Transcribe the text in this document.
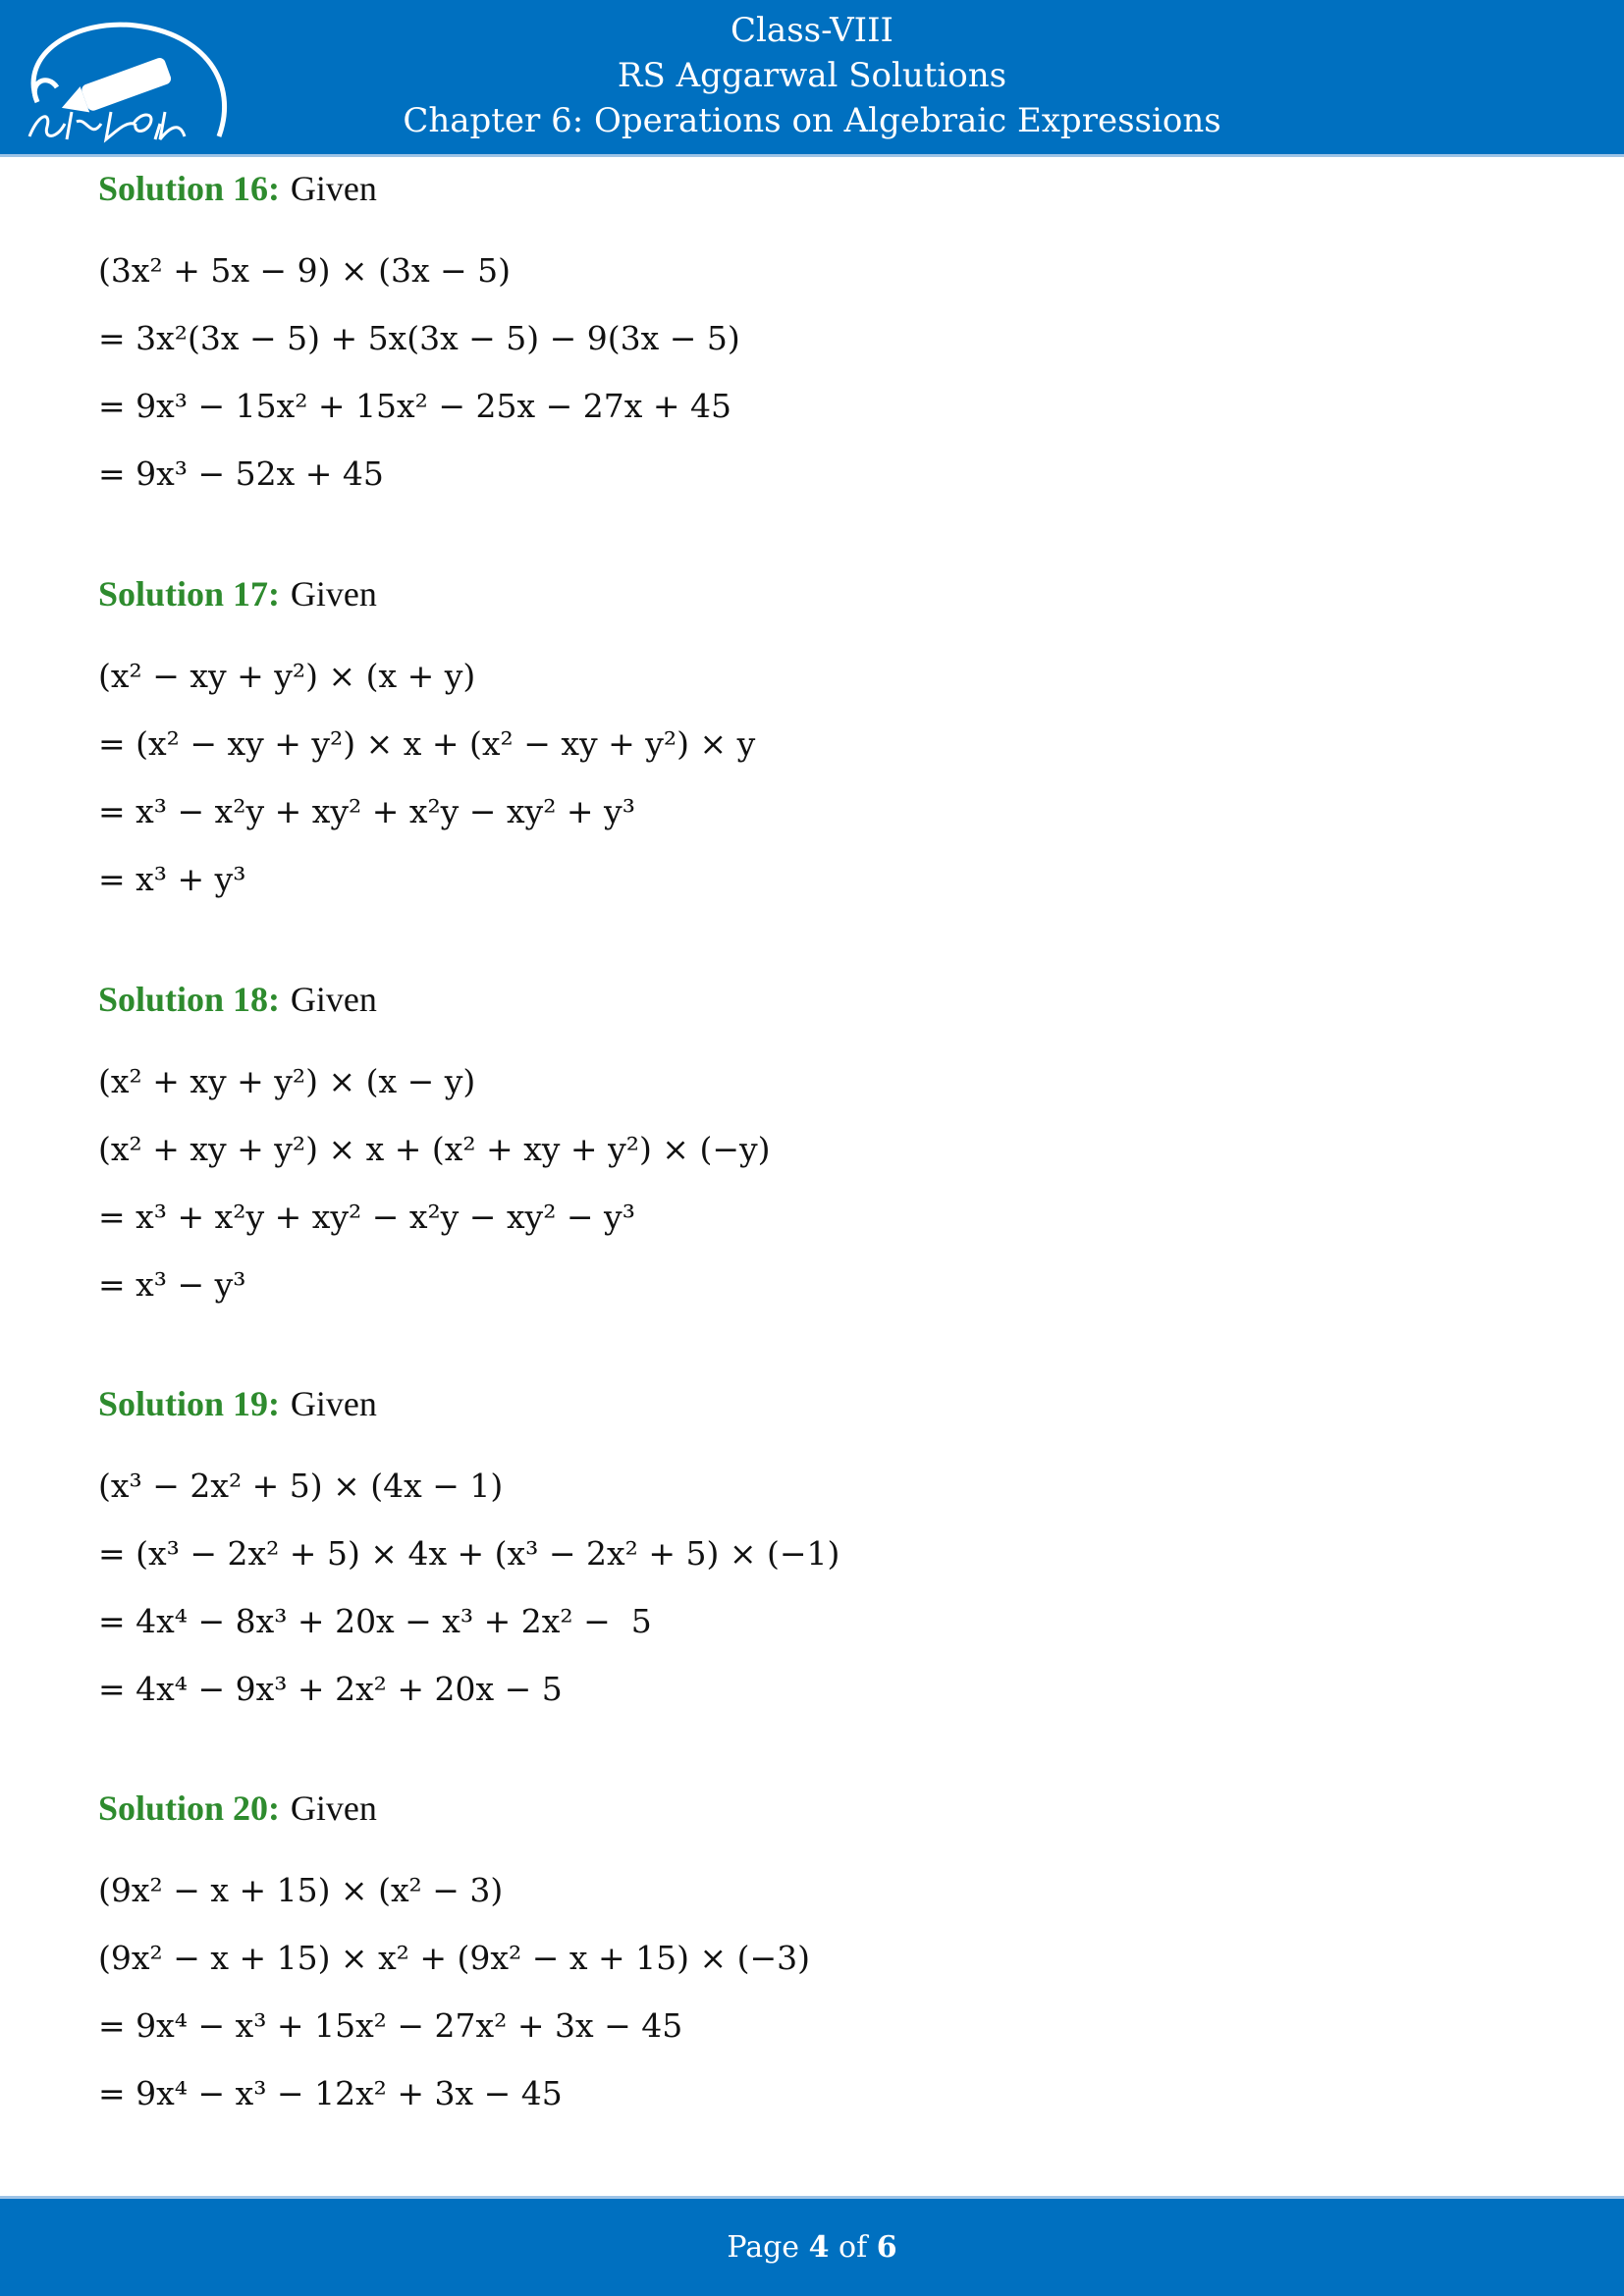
Class-VIII
RS Aggarwal Solutions
Chapter 6: Operations on Algebraic Expressions
Solution 16: Given
(3x² + 5x − 9) × (3x − 5)
= 3x²(3x − 5) + 5x(3x − 5) − 9(3x − 5)
= 9x³ − 15x² + 15x² − 25x − 27x + 45
= 9x³ − 52x + 45
Solution 17: Given
(x² − xy + y²) × (x + y)
= (x² − xy + y²) × x + (x² − xy + y²) × y
= x³ − x²y + xy² + x²y − xy² + y³
= x³ + y³
Solution 18: Given
(x² + xy + y²) × (x − y)
(x² + xy + y²) × x + (x² + xy + y²) × (−y)
= x³ + x²y + xy² − x²y − xy² − y³
= x³ − y³
Solution 19: Given
(x³ − 2x² + 5) × (4x − 1)
= (x³ − 2x² + 5) × 4x + (x³ − 2x² + 5) × (−1)
= 4x⁴ − 8x³ + 20x − x³ + 2x² −  5
= 4x⁴ − 9x³ + 2x² + 20x − 5
Solution 20: Given
(9x² − x + 15) × (x² − 3)
(9x² − x + 15) × x² + (9x² − x + 15) × (−3)
= 9x⁴ − x³ + 15x² − 27x² + 3x − 45
= 9x⁴ − x³ − 12x² + 3x − 45
Page 4 of 6
